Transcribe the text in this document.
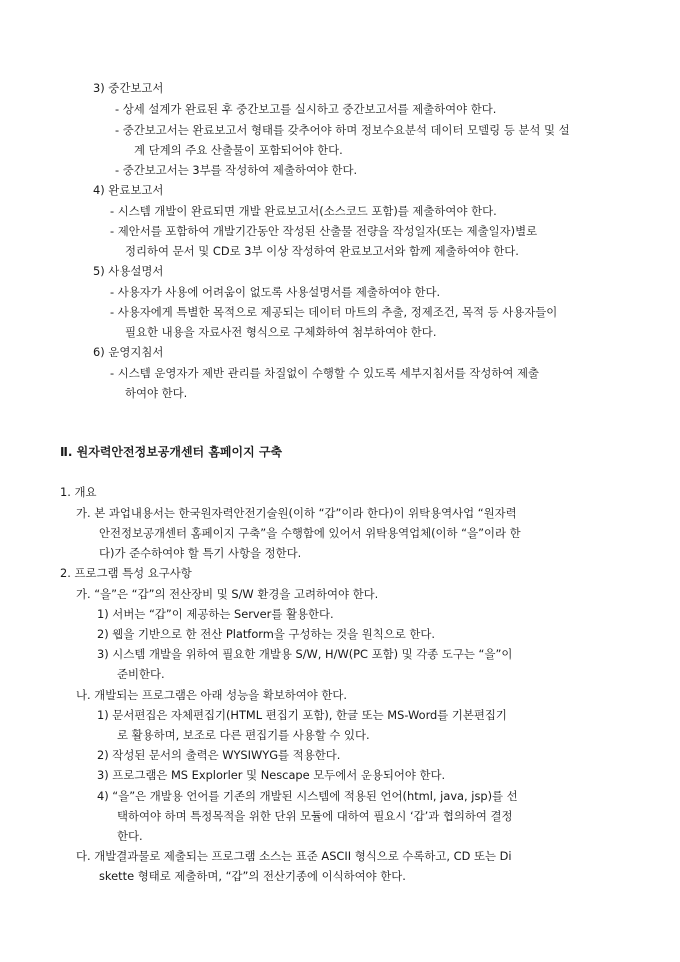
3) 중간보고서
- 상세 설계가 완료된 후 중간보고를 실시하고 중간보고서를 제출하여야 한다.
- 중간보고서는 완료보고서 형태를 갖추어야 하며 정보수요분석 데이터 모델링 등 분석 및 설
계 단계의 주요 산출물이 포함되어야 한다.
- 중간보고서는 3부를 작성하여 제출하여야 한다.
4) 완료보고서
- 시스템 개발이 완료되면 개발 완료보고서(소스코드 포함)를 제출하여야 한다.
- 제안서를 포함하여 개발기간동안 작성된 산출물 전량을 작성일자(또는 제출일자)별로
정리하여 문서 및 CD로 3부 이상 작성하여 완료보고서와 함께 제출하여야 한다.
5) 사용설명서
- 사용자가 사용에 어려움이 없도록 사용설명서를 제출하여야 한다.
- 사용자에게 특별한 목적으로 제공되는 데이터 마트의 추출, 정제조건, 목적 등 사용자들이
필요한 내용을 자료사전 형식으로 구체화하여 첨부하여야 한다.
6) 운영지침서
- 시스템 운영자가 제반 관리를 차질없이 수행할 수 있도록 세부지침서를 작성하여 제출
하여야 한다.
Ⅱ. 원자력안전정보공개센터 홈페이지 구축
1. 개요
가. 본 과업내용서는 한국원자력안전기술원(이하 “갑”이라 한다)이 위탁용역사업 “원자력
안전정보공개센터 홈페이지 구축”을 수행함에 있어서 위탁용역업체(이하 “을”이라 한
다)가 준수하여야 할 특기 사항을 정한다.
2. 프로그램 특성 요구사항
가. “을”은 “갑”의 전산장비 및 S/W 환경을 고려하여야 한다.
1) 서버는 “갑”이 제공하는 Server를 활용한다.
2) 웹을 기반으로 한 전산 Platform을 구성하는 것을 원칙으로 한다.
3) 시스템 개발을 위하여 필요한 개발용 S/W, H/W(PC 포함) 및 각종 도구는 “을”이
준비한다.
나. 개발되는 프로그램은 아래 성능을 확보하여야 한다.
1) 문서편집은 자체편집기(HTML 편집기 포함), 한글 또는 MS-Word를 기본편집기
로 활용하며, 보조로 다른 편집기를 사용할 수 있다.
2) 작성된 문서의 출력은 WYSIWYG를 적용한다.
3) 프로그램은 MS Explorler 및 Nescape 모두에서 운용되어야 한다.
4) “을”은 개발용 언어를 기존의 개발된 시스템에 적용된 언어(html, java, jsp)를 선
택하여야 하며 특정목적을 위한 단위 모듈에 대하여 필요시 ‘갑’과 협의하여 결정
한다.
다. 개발결과물로 제출되는 프로그램 소스는 표준 ASCII 형식으로 수록하고, CD 또는 Di
skette 형태로 제출하며, “갑”의 전산기종에 이식하여야 한다.
